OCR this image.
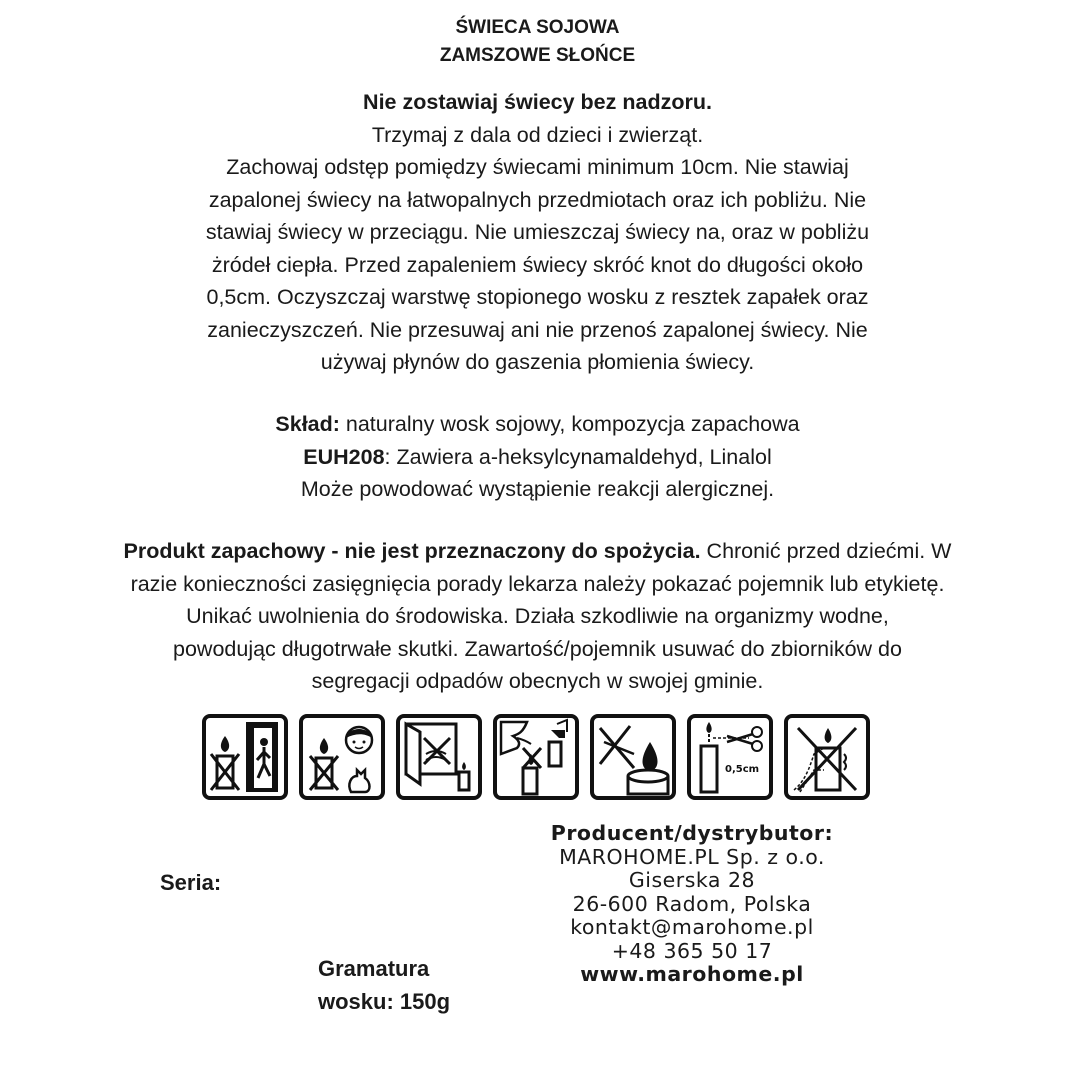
ŚWIECA SOJOWA
ZAMSZOWE SŁOŃCE
Nie zostawiaj świecy bez nadzoru.
Trzymaj z dala od dzieci i zwierząt.
Zachowaj odstęp pomiędzy świecami minimum 10cm. Nie stawiaj
zapalonej świecy na łatwopalnych przedmiotach oraz ich pobliżu. Nie
stawiaj świecy w przeciągu. Nie umieszczaj świecy na, oraz w pobliżu
żródeł ciepła. Przed zapaleniem świecy skróć knot do długości około
0,5cm. Oczyszczaj warstwę stopionego wosku z resztek zapałek oraz
zanieczyszczeń. Nie przesuwaj ani nie przenoś zapalonej świecy. Nie
używaj płynów do gaszenia płomienia świecy.
Skład: naturalny wosk sojowy, kompozycja zapachowa
EUH208: Zawiera a-heksylcynamaldehyd, Linalol
Może powodować wystąpienie reakcji alergicznej.
Produkt zapachowy - nie jest przeznaczony do spożycia. Chronić przed dziećmi. W
razie konieczności zasięgnięcia porady lekarza należy pokazać pojemnik lub etykietę.
Unikać uwolnienia do środowiska. Działa szkodliwie na organizmy wodne,
powodując długotrwałe skutki. Zawartość/pojemnik usuwać do zbiorników do
segregacji odpadów obecnych w swojej gminie.
0,5cm
Seria:
Gramatura
wosku: 150g
Producent/dystrybutor:
MAROHOME.PL Sp. z o.o.
Giserska 28
26-600 Radom, Polska
kontakt@marohome.pl
+48 365 50 17
www.marohome.pl
